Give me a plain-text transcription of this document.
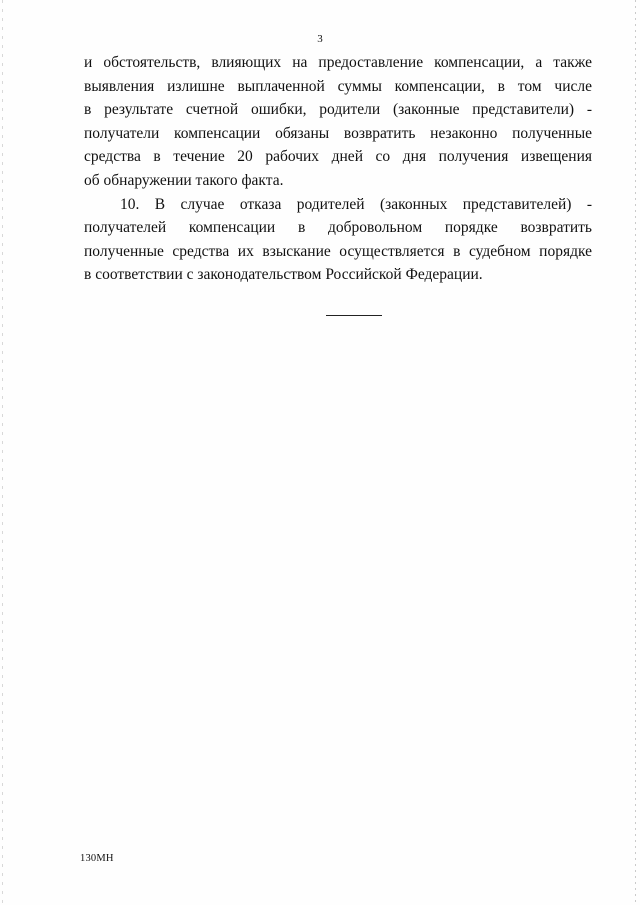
3

и обстоятельств, влияющих на предоставление компенсации, а также
выявления излишне выплаченной суммы компенсации, в том числе
в результате счетной ошибки, родители (законные представители) -
получатели компенсации обязаны возвратить незаконно полученные
средства в течение 20 рабочих дней со дня получения извещения
об обнаружении такого факта.

10. В случае отказа родителей (законных представителей) -
получателей компенсации в добровольном порядке возвратить
полученные средства их взыскание осуществляется в судебном порядке
в соответствии с законодательством Российской Федерации.

130МН
